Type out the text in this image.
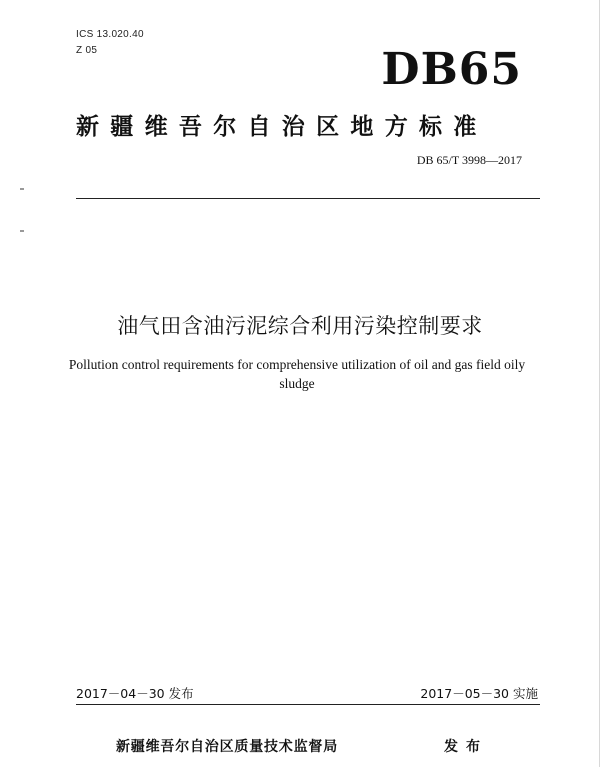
ICS 13.020.40
Z 05	DB65
新疆维吾尔自治区地方标准
DB 65/T 3998—2017
油气田含油污泥综合利用污染控制要求
Pollution control requirements for comprehensive utilization of oil and gas field oily sludge
2017－04－30 发布	2017－05－30 实施
新疆维吾尔自治区质量技术监督局	发布
